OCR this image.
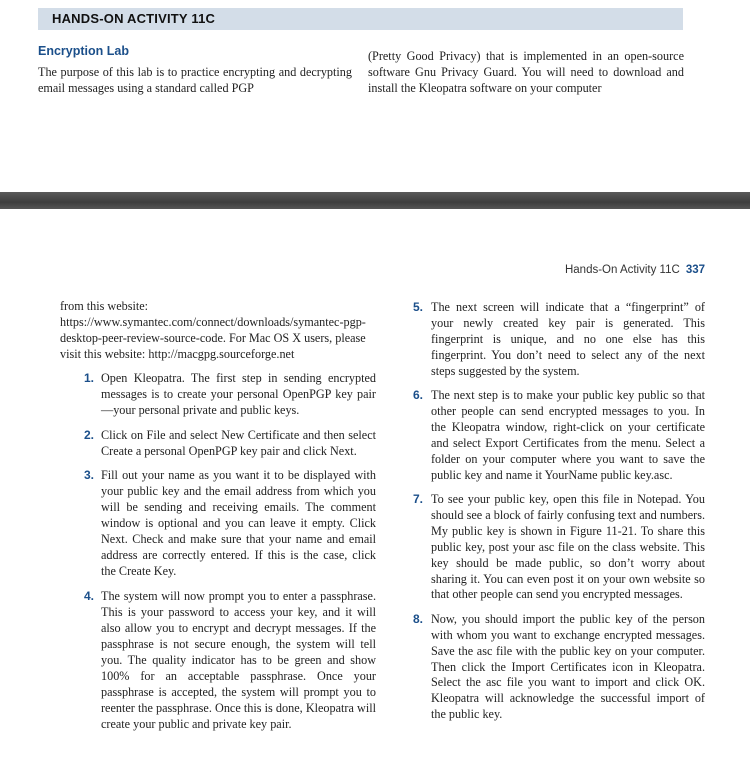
HANDS-ON ACTIVITY 11C
Encryption Lab
The purpose of this lab is to practice encrypting and decrypting email messages using a standard called PGP
(Pretty Good Privacy) that is implemented in an open-source software Gnu Privacy Guard. You will need to download and install the Kleopatra software on your computer
Hands-On Activity 11C 337

from this website: https://www.symantec.com/connect/downloads/symantec-pgp-desktop-peer-review-source-code. For Mac OS X users, please visit this website: http://macgpg.sourceforge.net

1. Open Kleopatra. The first step in sending encrypted messages is to create your personal OpenPGP key pair—your personal private and public keys.
2. Click on File and select New Certificate and then select Create a personal OpenPGP key pair and click Next.
3. Fill out your name as you want it to be displayed with your public key and the email address from which you will be sending and receiving emails. The comment window is optional and you can leave it empty. Click Next. Check and make sure that your name and email address are correctly entered. If this is the case, click the Create Key.
4. The system will now prompt you to enter a passphrase. This is your password to access your key, and it will also allow you to encrypt and decrypt messages. If the passphrase is not secure enough, the system will tell you. The quality indicator has to be green and show 100% for an acceptable passphrase. Once your passphrase is accepted, the system will prompt you to reenter the passphrase. Once this is done, Kleopatra will create your public and private key pair.
5. The next screen will indicate that a “fingerprint” of your newly created key pair is generated. This fingerprint is unique, and no one else has this fingerprint. You don’t need to select any of the next steps suggested by the system.
6. The next step is to make your public key public so that other people can send encrypted messages to you. In the Kleopatra window, right-click on your certificate and select Export Certificates from the menu. Select a folder on your computer where you want to save the public key and name it YourName public key.asc.
7. To see your public key, open this file in Notepad. You should see a block of fairly confusing text and numbers. My public key is shown in Figure 11-21. To share this public key, post your asc file on the class website. This key should be made public, so don’t worry about sharing it. You can even post it on your own website so that other people can send you encrypted messages.
8. Now, you should import the public key of the person with whom you want to exchange encrypted messages. Save the asc file with the public key on your computer. Then click the Import Certificates icon in Kleopatra. Select the asc file you want to import and click OK. Kleopatra will acknowledge the successful import of the public key.
